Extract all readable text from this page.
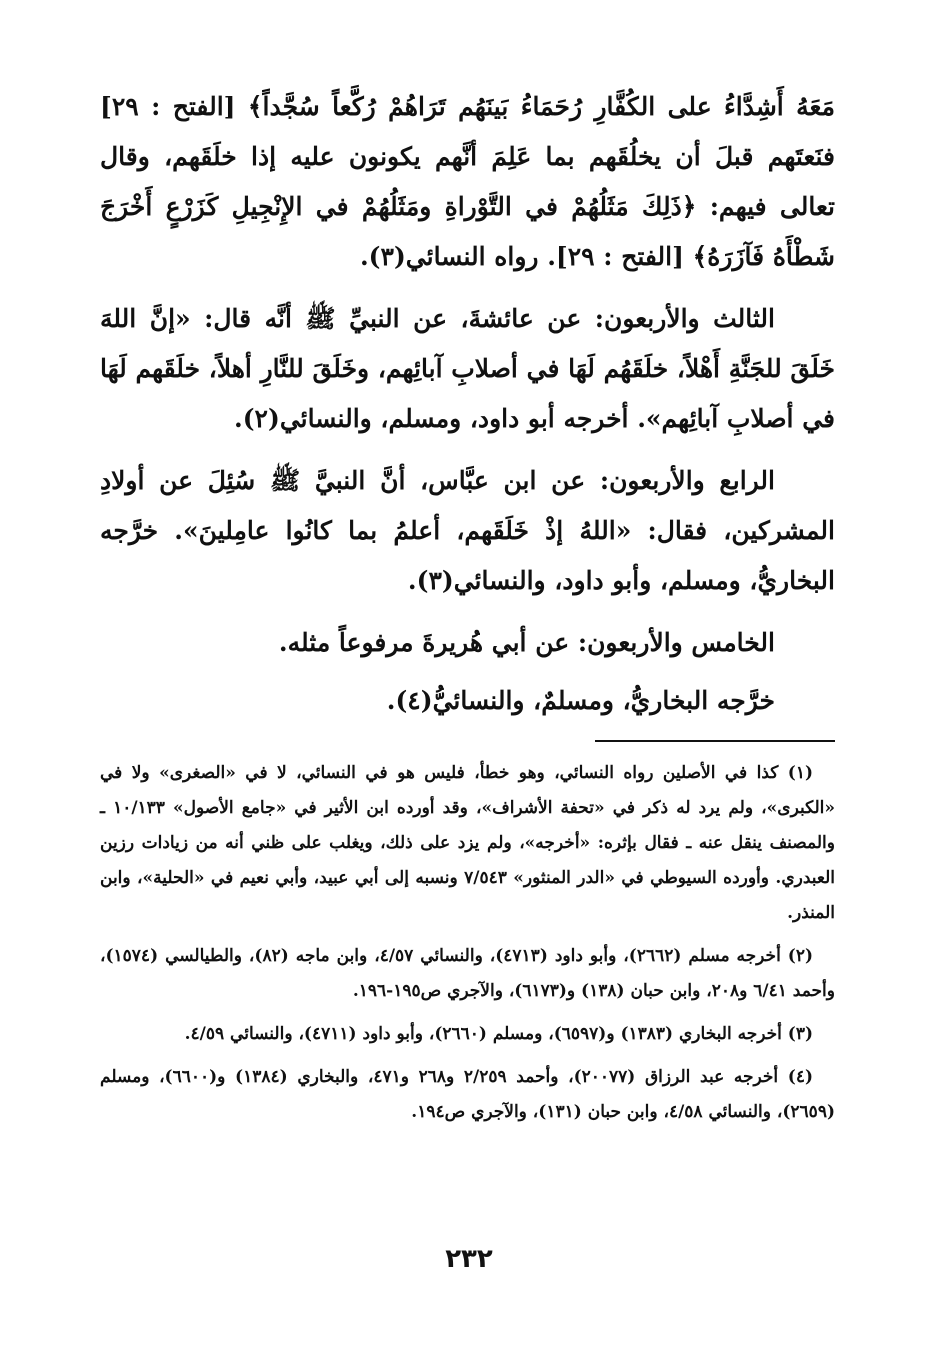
مَعَهُ أَشِدَّاءُ على الكُفَّارِ رُحَمَاءُ بَينَهُم تَرَاهُمْ رُكَّعاً سُجَّداً﴾ [الفتح : ٢٩] فنَعتَهم قبلَ أن يخلُقَهم بما عَلِمَ أنَّهم يكونون عليه إذا خلَقَهم، وقال تعالى فيهم: ﴿ذَلِكَ مَثَلُهُمْ في التَّوْراةِ ومَثَلُهُمْ في الإِنْجِيلِ كَزَرْعٍ أَخْرَجَ شَطْأَهُ فَآزَرَهُ﴾ [الفتح : ٢٩]. رواه النسائي(٣).

الثالث والأربعون: عن عائشةَ، عن النبيِّ ﷺ أنَّه قال: «إنَّ اللهَ خَلَقَ للجَنَّةِ أَهْلاً، خلَقَهُم لَهَا في أصلابِ آبائِهم، وخَلَقَ للنَّارِ أهلاً، خلَقَهم لَهَا في أصلابِ آبائِهم». أخرجه أبو داود، ومسلم، والنسائي(٢).

الرابع والأربعون: عن ابن عبَّاس، أنَّ النبيَّ ﷺ سُئِلَ عن أولادِ المشركين، فقال: «اللهُ إذْ خَلَقَهم، أعلمُ بما كانُوا عامِلينَ». خرَّجه البخاريُّ، ومسلم، وأبو داود، والنسائي(٣).

الخامس والأربعون: عن أبي هُريرةَ مرفوعاً مثله.

خرَّجه البخاريُّ، ومسلمٌ، والنسائيُّ(٤).

(١) كذا في الأصلين رواه النسائي، وهو خطأ، فليس هو في النسائي، لا في «الصغرى» ولا في «الكبرى»، ولم يرد له ذكر في «تحفة الأشراف»، وقد أورده ابن الأثير في «جامع الأصول» ١٠/١٣٣ ـ والمصنف ينقل عنه ـ فقال بإثره: «أخرجه»، ولم يزد على ذلك، ويغلب على ظني أنه من زيادات رزين العبدري. وأورده السيوطي في «الدر المنثور» ٧/٥٤٣ ونسبه إلى أبي عبيد، وأبي نعيم في «الحلية»، وابن المنذر.

(٢) أخرجه مسلم (٢٦٦٢)، وأبو داود (٤٧١٣)، والنسائي ٤/٥٧، وابن ماجه (٨٢)، والطيالسي (١٥٧٤)، وأحمد ٦/٤١ و٢٠٨، وابن حبان (١٣٨) و(٦١٧٣)، والآجري ص١٩٥-١٩٦.

(٣) أخرجه البخاري (١٣٨٣) و(٦٥٩٧)، ومسلم (٢٦٦٠)، وأبو داود (٤٧١١)، والنسائي ٤/٥٩.

(٤) أخرجه عبد الرزاق (٢٠٠٧٧)، وأحمد ٢/٢٥٩ و٢٦٨ و٤٧١، والبخاري (١٣٨٤) و(٦٦٠٠)، ومسلم (٢٦٥٩)، والنسائي ٤/٥٨، وابن حبان (١٣١)، والآجري ص١٩٤.

٢٣٢
